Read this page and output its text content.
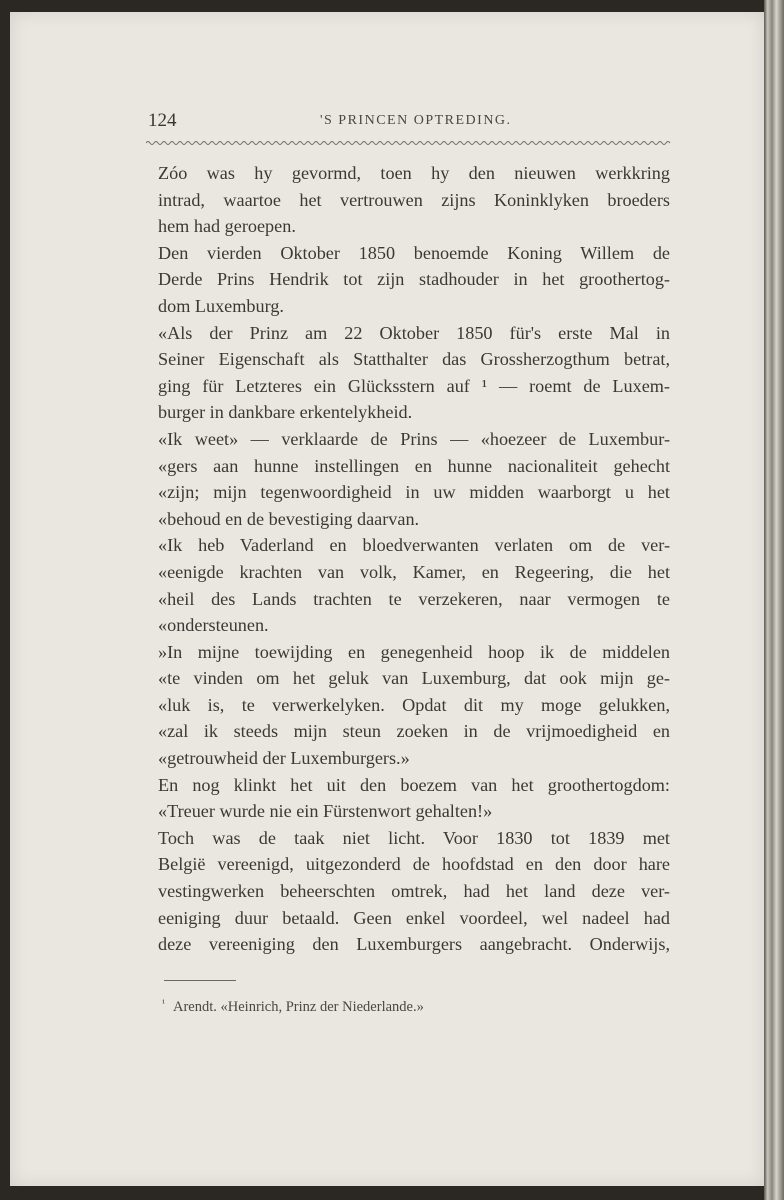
124	'S PRINCEN OPTREDING.

Zóo was hy gevormd, toen hy den nieuwen werkkring
intrad, waartoe het vertrouwen zijns Koninklyken broeders
hem had geroepen.

Den vierden Oktober 1850 benoemde Koning Willem de
Derde Prins Hendrik tot zijn stadhouder in het groothertog-
dom Luxemburg.

«Als der Prinz am 22 Oktober 1850 für's erste Mal in
Seiner Eigenschaft als Statthalter das Grossherzogthum betrat,
ging für Letzteres ein Glücksstern auf ¹ — roemt de Luxem-
burger in dankbare erkentelykheid.

«Ik weet» — verklaarde de Prins — «hoezeer de Luxembur-
«gers aan hunne instellingen en hunne nacionaliteit gehecht
«zijn; mijn tegenwoordigheid in uw midden waarborgt u het
«behoud en de bevestiging daarvan.

«Ik heb Vaderland en bloedverwanten verlaten om de ver-
«eenigde krachten van volk, Kamer, en Regeering, die het
«heil des Lands trachten te verzekeren, naar vermogen te
«ondersteunen.

»In mijne toewijding en genegenheid hoop ik de middelen
«te vinden om het geluk van Luxemburg, dat ook mijn ge-
«luk is, te verwerkelyken. Opdat dit my moge gelukken,
«zal ik steeds mijn steun zoeken in de vrijmoedigheid en
«getrouwheid der Luxemburgers.»

En nog klinkt het uit den boezem van het groothertogdom:
«Treuer wurde nie ein Fürstenwort gehalten!»

Toch was de taak niet licht. Voor 1830 tot 1839 met
België vereenigd, uitgezonderd de hoofdstad en den door hare
vestingwerken beheerschten omtrek, had het land deze ver-
eeniging duur betaald. Geen enkel voordeel, wel nadeel had
deze vereeniging den Luxemburgers aangebracht. Onderwijs,

$^{^1}$ Arendt. «Heinrich, Prinz der Niederlande.»
